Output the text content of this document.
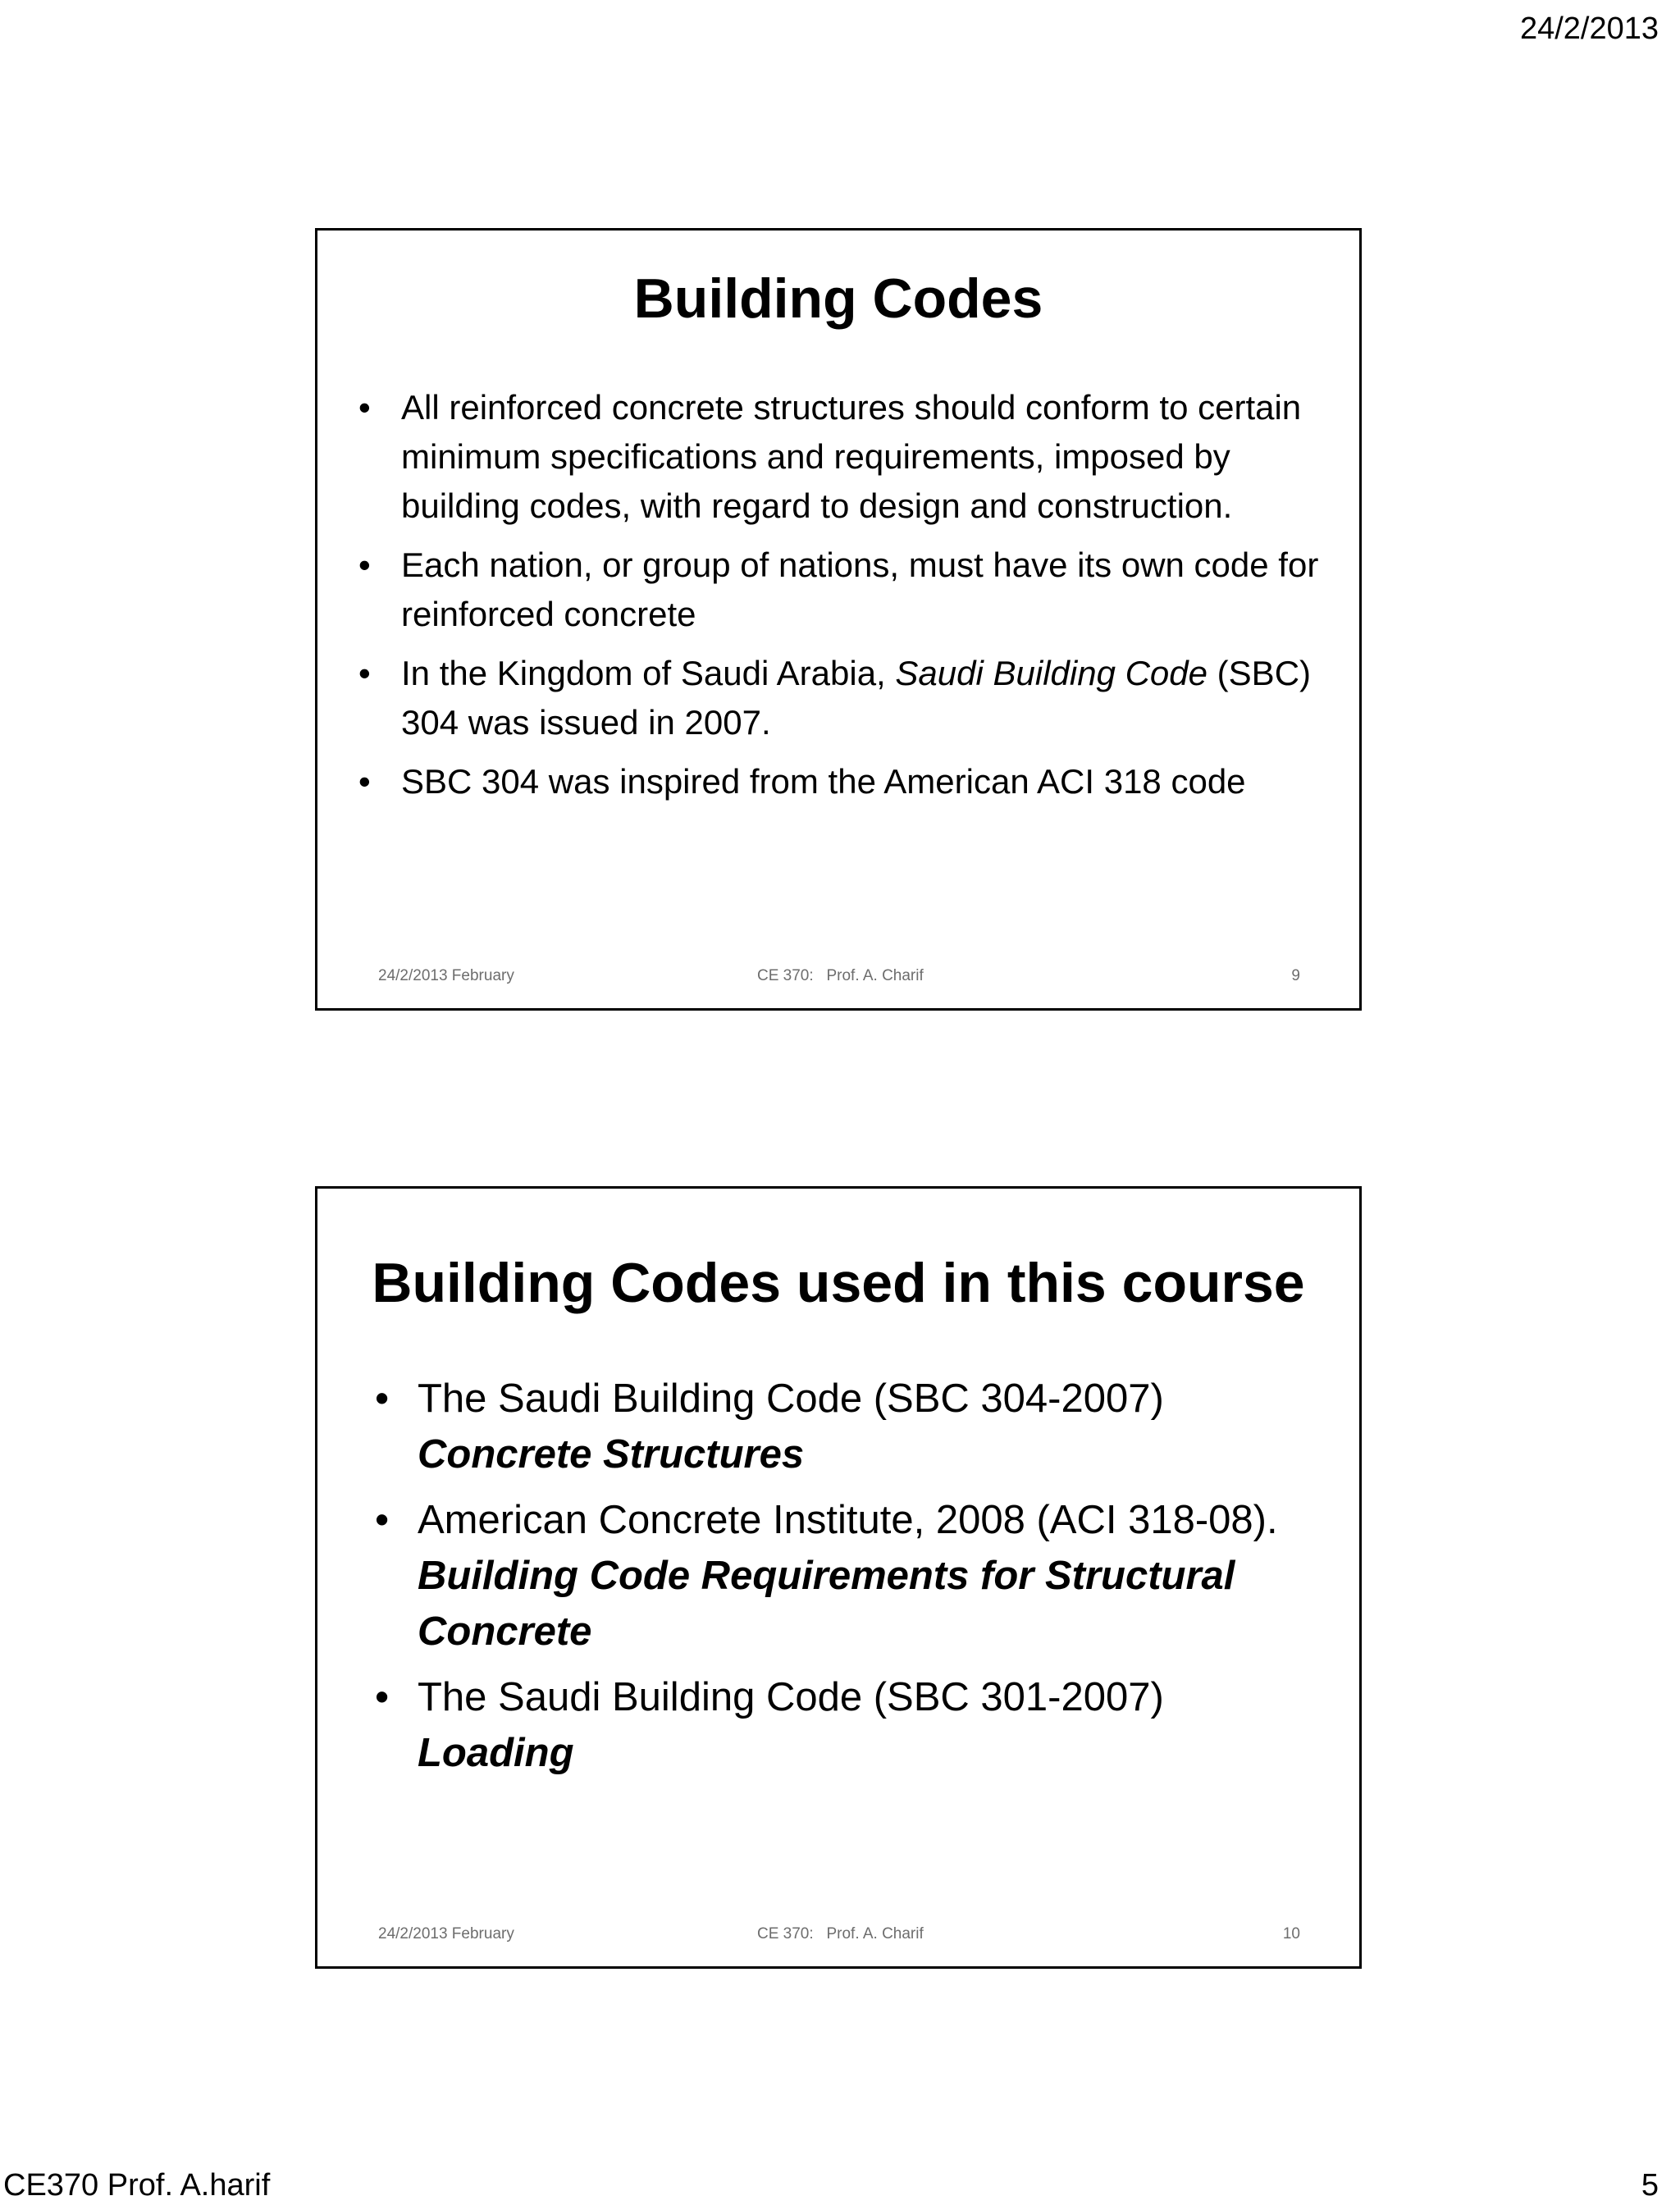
24/2/2013
Building Codes
• All reinforced concrete structures should conform to certain minimum specifications and requirements, imposed by building codes, with regard to design and construction.
• Each nation, or group of nations, must have its own code for reinforced concrete
• In the Kingdom of Saudi Arabia, Saudi Building Code (SBC) 304 was issued in 2007.
• SBC 304 was inspired from the American ACI 318 code
24/2/2013 February	CE 370:   Prof. A. Charif	9
Building Codes used in this course
• The Saudi Building Code (SBC 304-2007) Concrete Structures
• American Concrete Institute, 2008 (ACI 318-08). Building Code Requirements for Structural Concrete
• The Saudi Building Code (SBC 301-2007) Loading
24/2/2013 February	CE 370:   Prof. A. Charif	10
CE370 Prof. A.harif	5
